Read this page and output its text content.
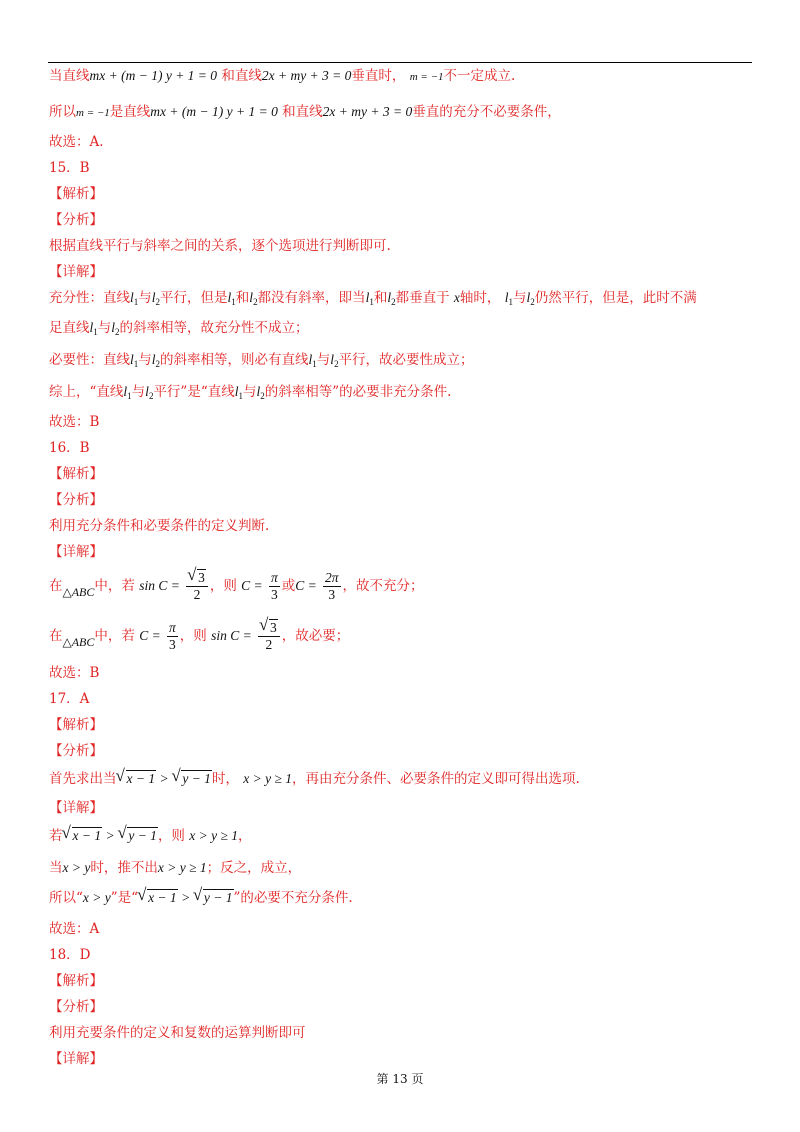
当直线mx + (m − 1) y + 1 = 0 和直线2x + my + 3 = 0垂直时， m = −1不一定成立.
所以m = −1是直线mx + (m − 1) y + 1 = 0 和直线2x + my + 3 = 0垂直的充分不必要条件，
故选：A.
15．B
【解析】
【分析】
根据直线平行与斜率之间的关系，逐个选项进行判断即可.
【详解】
充分性：直线$l_1$与$l_2$平行，但是$l_1$和$l_2$都没有斜率，即当$l_1$和$l_2$都垂直于 x轴时， $l_1$与$l_2$仍然平行，但是，此时不满
足直线$l_1$与$l_2$的斜率相等，故充分性不成立；
必要性：直线$l_1$与$l_2$的斜率相等，则必有直线$l_1$与$l_2$平行，故必要性成立；
综上，“直线$l_1$与$l_2$平行”是“直线$l_1$与$l_2$的斜率相等”的必要非充分条件.
故选：B
16．B
【解析】
【分析】
利用充分条件和必要条件的定义判断.
【详解】
在△ABC中，若 sin C = √ $\frac{3}{2}$ ，则 $C = \frac{\pi}{3}$ 或$C = \frac{2\pi}{3}$ ，故不充分；
在△ABC中，若 $C = \frac{\pi}{3}$ ，则 sin C = √ $\frac{3}{2}$ ，故必要；
故选：B
17．A
【解析】
【分析】
首先求出当 √ x − 1 > √ y − 1时， x > y ≥ 1，再由充分条件、必要条件的定义即可得出选项.
【详解】
若 √ x − 1 > √ y − 1，则 x > y ≥ 1，
当x > y时，推不出x > y ≥ 1；反之，成立，
所以“x > y”是“ √ x − 1 > √ y − 1”的必要不充分条件.
故选：A
18．D
【解析】
【分析】
利用充要条件的定义和复数的运算判断即可
【详解】
第 13 页
